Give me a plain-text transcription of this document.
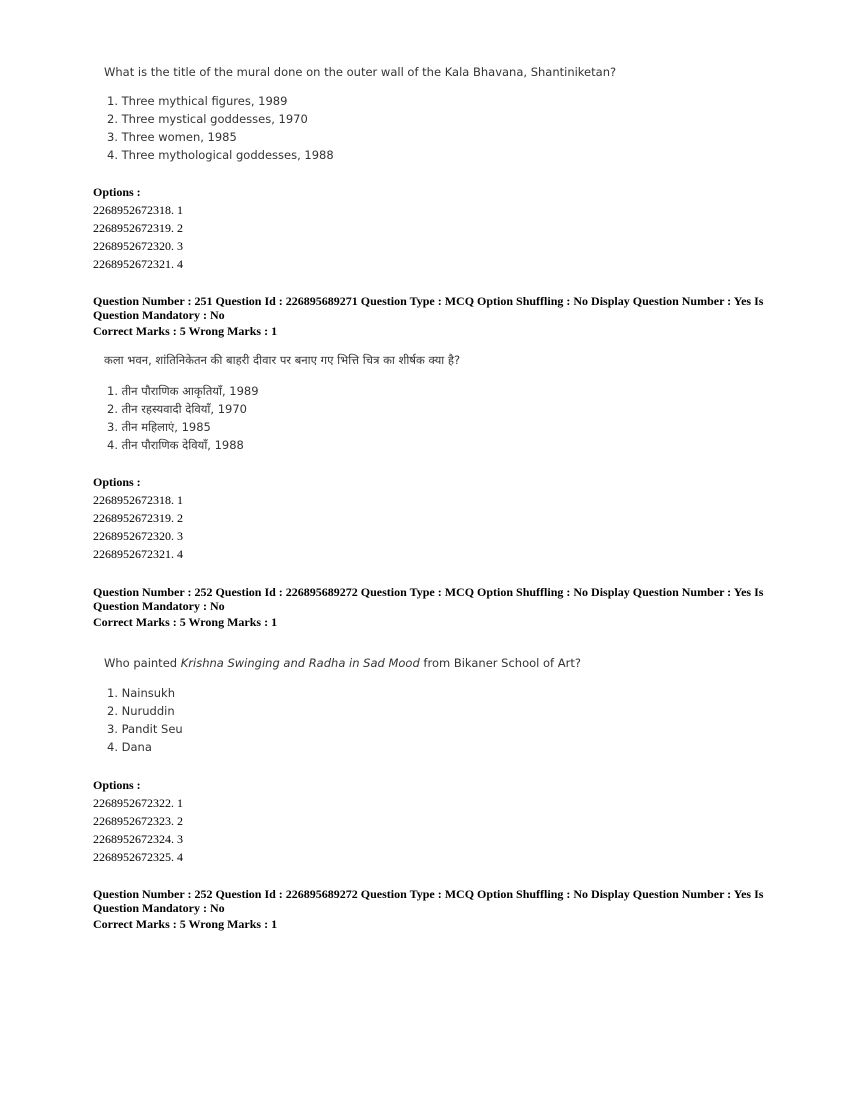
What is the title of the mural done on the outer wall of the Kala Bhavana, Shantiniketan?

1. Three mythical figures, 1989
2. Three mystical goddesses, 1970
3. Three women, 1985
4. Three mythological goddesses, 1988
Options :
2268952672318. 1
2268952672319. 2
2268952672320. 3
2268952672321. 4
Question Number : 251 Question Id : 226895689271 Question Type : MCQ Option Shuffling : No Display Question Number : Yes Is
Question Mandatory : No
Correct Marks : 5 Wrong Marks : 1

कला भवन, शांतिनिकेतन की बाहरी दीवार पर बनाए गए भित्ति चित्र का शीर्षक क्या है?

1. तीन पौराणिक आकृतियाँ, 1989
2. तीन रहस्यवादी देवियाँ, 1970
3. तीन महिलाएं, 1985
4. तीन पौराणिक देवियाँ, 1988
Options :
2268952672318. 1
2268952672319. 2
2268952672320. 3
2268952672321. 4
Question Number : 252 Question Id : 226895689272 Question Type : MCQ Option Shuffling : No Display Question Number : Yes Is
Question Mandatory : No
Correct Marks : 5 Wrong Marks : 1

Who painted Krishna Swinging and Radha in Sad Mood from Bikaner School of Art?

1. Nainsukh
2. Nuruddin
3. Pandit Seu
4. Dana
Options :
2268952672322. 1
2268952672323. 2
2268952672324. 3
2268952672325. 4
Question Number : 252 Question Id : 226895689272 Question Type : MCQ Option Shuffling : No Display Question Number : Yes Is
Question Mandatory : No
Correct Marks : 5 Wrong Marks : 1
